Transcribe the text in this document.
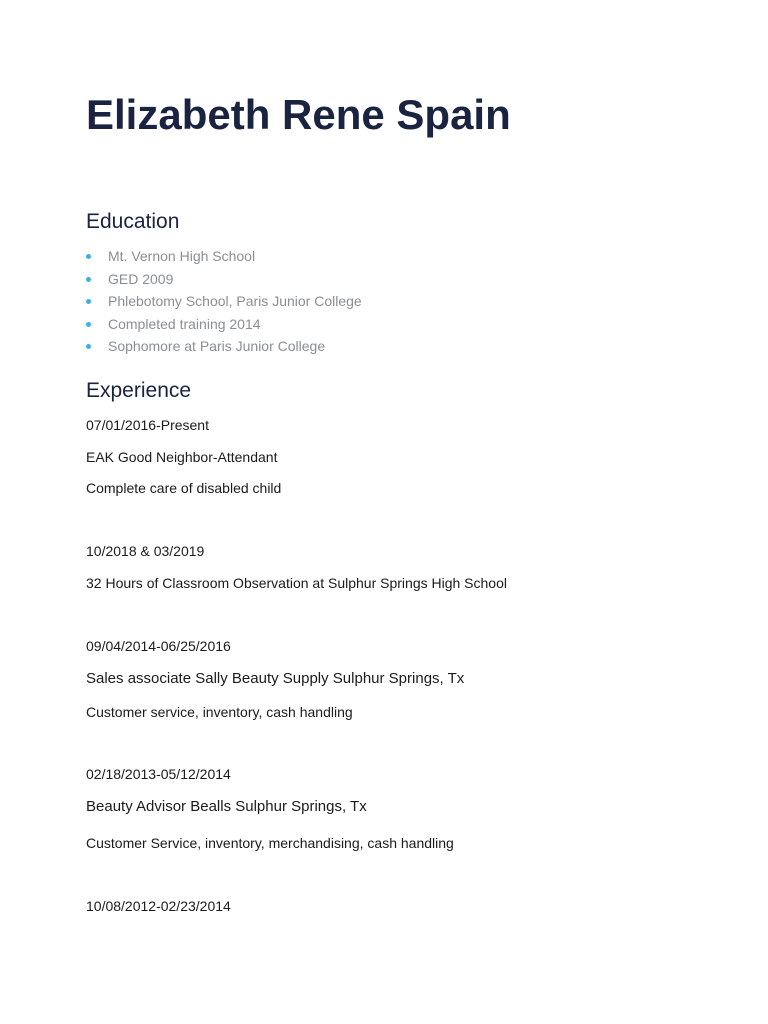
Elizabeth Rene Spain
Education
Mt. Vernon High School
GED 2009
Phlebotomy School, Paris Junior College
Completed training 2014
Sophomore at Paris Junior College
Experience

07/01/2016-Present

EAK Good Neighbor-Attendant

Complete care of disabled child

10/2018 & 03/2019

32 Hours of Classroom Observation at Sulphur Springs High School

09/04/2014-06/25/2016

Sales associate Sally Beauty Supply Sulphur Springs, Tx

Customer service, inventory, cash handling

02/18/2013-05/12/2014

Beauty Advisor Bealls Sulphur Springs, Tx

Customer Service, inventory, merchandising, cash handling

10/08/2012-02/23/2014
